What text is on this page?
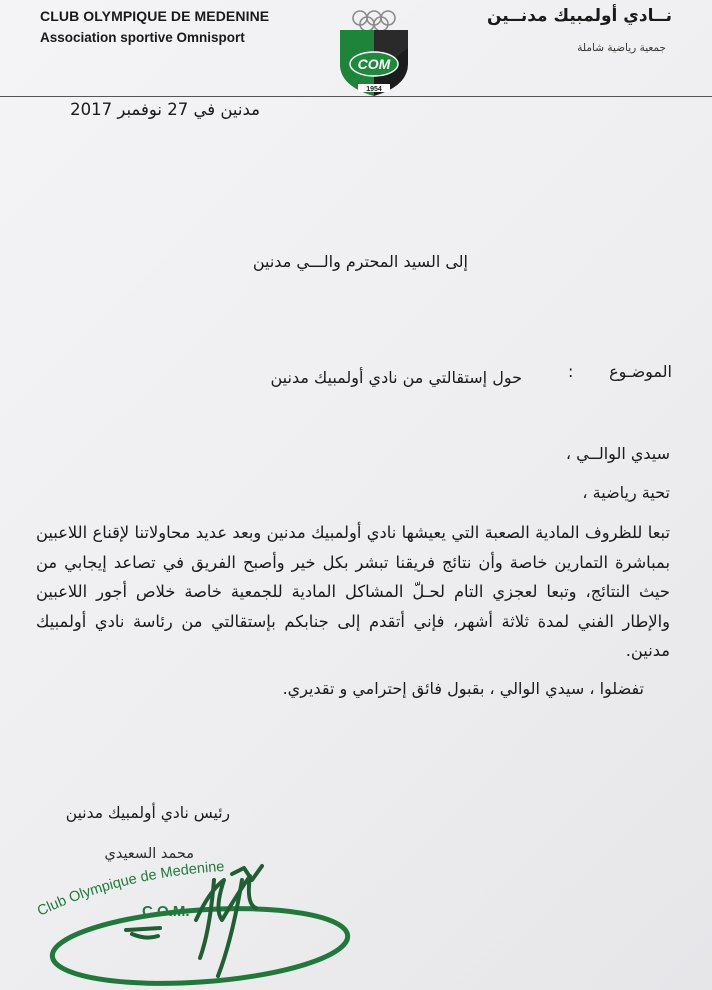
CLUB OLYMPIQUE DE MEDENINE
Association sportive Omnisport
نــادي أولمبيك مدنــين
جمعية رياضية شاملة
COM
1954
مدنين في 27 نوفمبر 2017
إلى السيد المحترم والـــي مدنين
الموضـوع
:
حول إستقالتي من نادي أولمبيك مدنين
سيدي الوالــي ،
تحية رياضية ،
تبعا للظروف المادية الصعبة التي يعيشها نادي أولمبيك مدنين وبعد عديد محاولاتنا لإقناع اللاعبين بمباشرة التمارين خاصة وأن نتائج فريقنا تبشر بكل خير وأصبح الفريق في تصاعد إيجابي من حيث النتائج، وتبعا لعجزي التام لحـلّ المشاكل المادية للجمعية خاصة خلاص أجور اللاعبين والإطار الفني لمدة ثلاثة أشهر، فإني أتقدم إلى جنابكم بإستقالتي من رئاسة نادي أولمبيك مدنين.
تفضلوا ، سيدي الوالي ، بقبول فائق إحترامي و تقديري.
رئيس نادي أولمبيك مدنين
محمد السعيدي
Club Olympique de Medenine
C.O.M.
